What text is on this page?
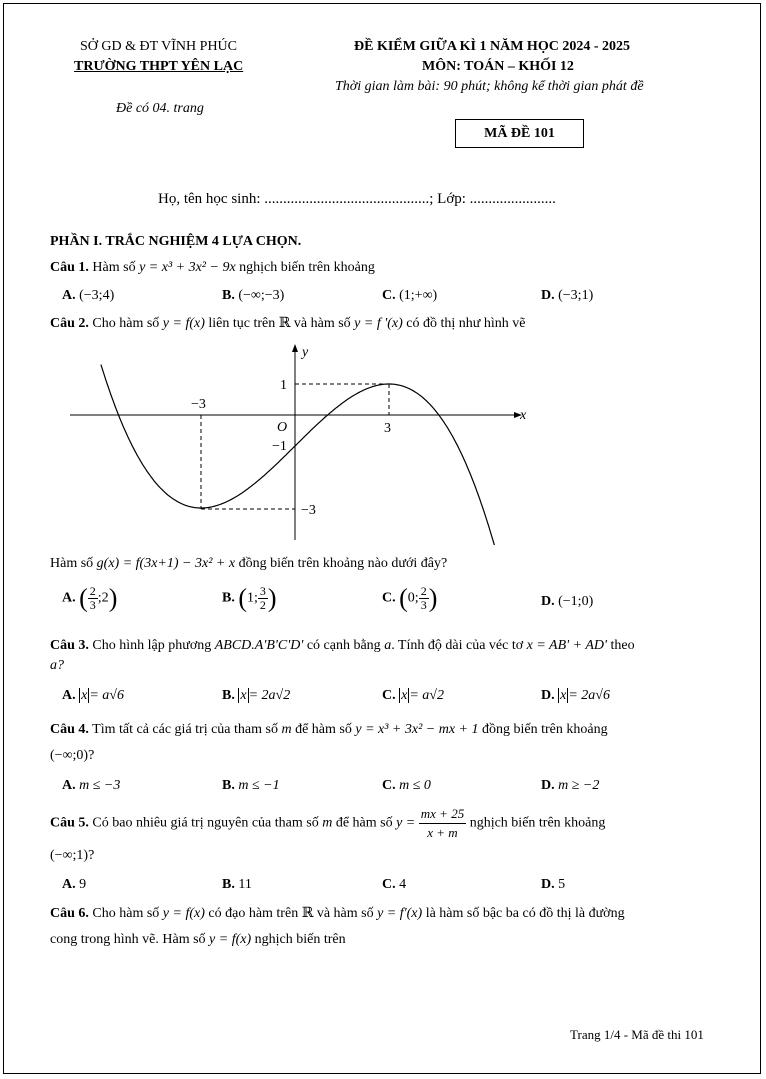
SỞ GD & ĐT VĨNH PHÚC
TRƯỜNG THPT YÊN LẠC
Đề có 04. trang
ĐỀ KIỂM GIỮA KÌ 1 NĂM HỌC 2024 - 2025
MÔN: TOÁN – KHỐI 12
Thời gian làm bài: 90 phút; không kể thời gian phát đề
MÃ ĐỀ 101
Họ, tên học sinh: ............................................; Lớp: .......................
PHẦN I. TRẮC NGHIỆM 4 LỰA CHỌN.
Câu 1. Hàm số y = x³ + 3x² − 9x nghịch biến trên khoảng
A. (−3;4)	B. (−∞;−3)	C. (1;+∞)	D. (−3;1)
Câu 2. Cho hàm số y = f(x) liên tục trên ℝ và hàm số y = f '(x) có đồ thị như hình vẽ
y
x
O
−3
3
1
−1
−3
Hàm số g(x) = f(3x+1) − 3x² + x đồng biến trên khoảng nào dưới đây?
A. ( $\frac{2}{3}$ ;2)	B. (1; $\frac{3}{2}$ )	C. (0; $\frac{2}{3}$ )	D. (−1;0)
Câu 3. Cho hình lập phương ABCD.A'B'C'D' có cạnh bằng a. Tính độ dài của véc tơ x = AB' + AD' theo
a?
A. x = a√6	B. x = 2a√2	C. x = a√2	D. x = 2a√6
Câu 4. Tìm tất cả các giá trị của tham số m để hàm số y = x³ + 3x² − mx + 1 đồng biến trên khoảng
(−∞;0)?
A. m ≤ −3	B. m ≤ −1	C. m ≤ 0	D. m ≥ −2
Câu 5. Có bao nhiêu giá trị nguyên của tham số m để hàm số $y = \frac{mx + 25}{x + m}$ nghịch biến trên khoảng
(−∞;1)?
A. 9	B. 11	C. 4	D. 5
Câu 6. Cho hàm số y = f(x) có đạo hàm trên ℝ và hàm số y = f'(x) là hàm số bậc ba có đồ thị là đường
cong trong hình vẽ. Hàm số y = f(x) nghịch biến trên
Trang 1/4 - Mã đề thi 101
